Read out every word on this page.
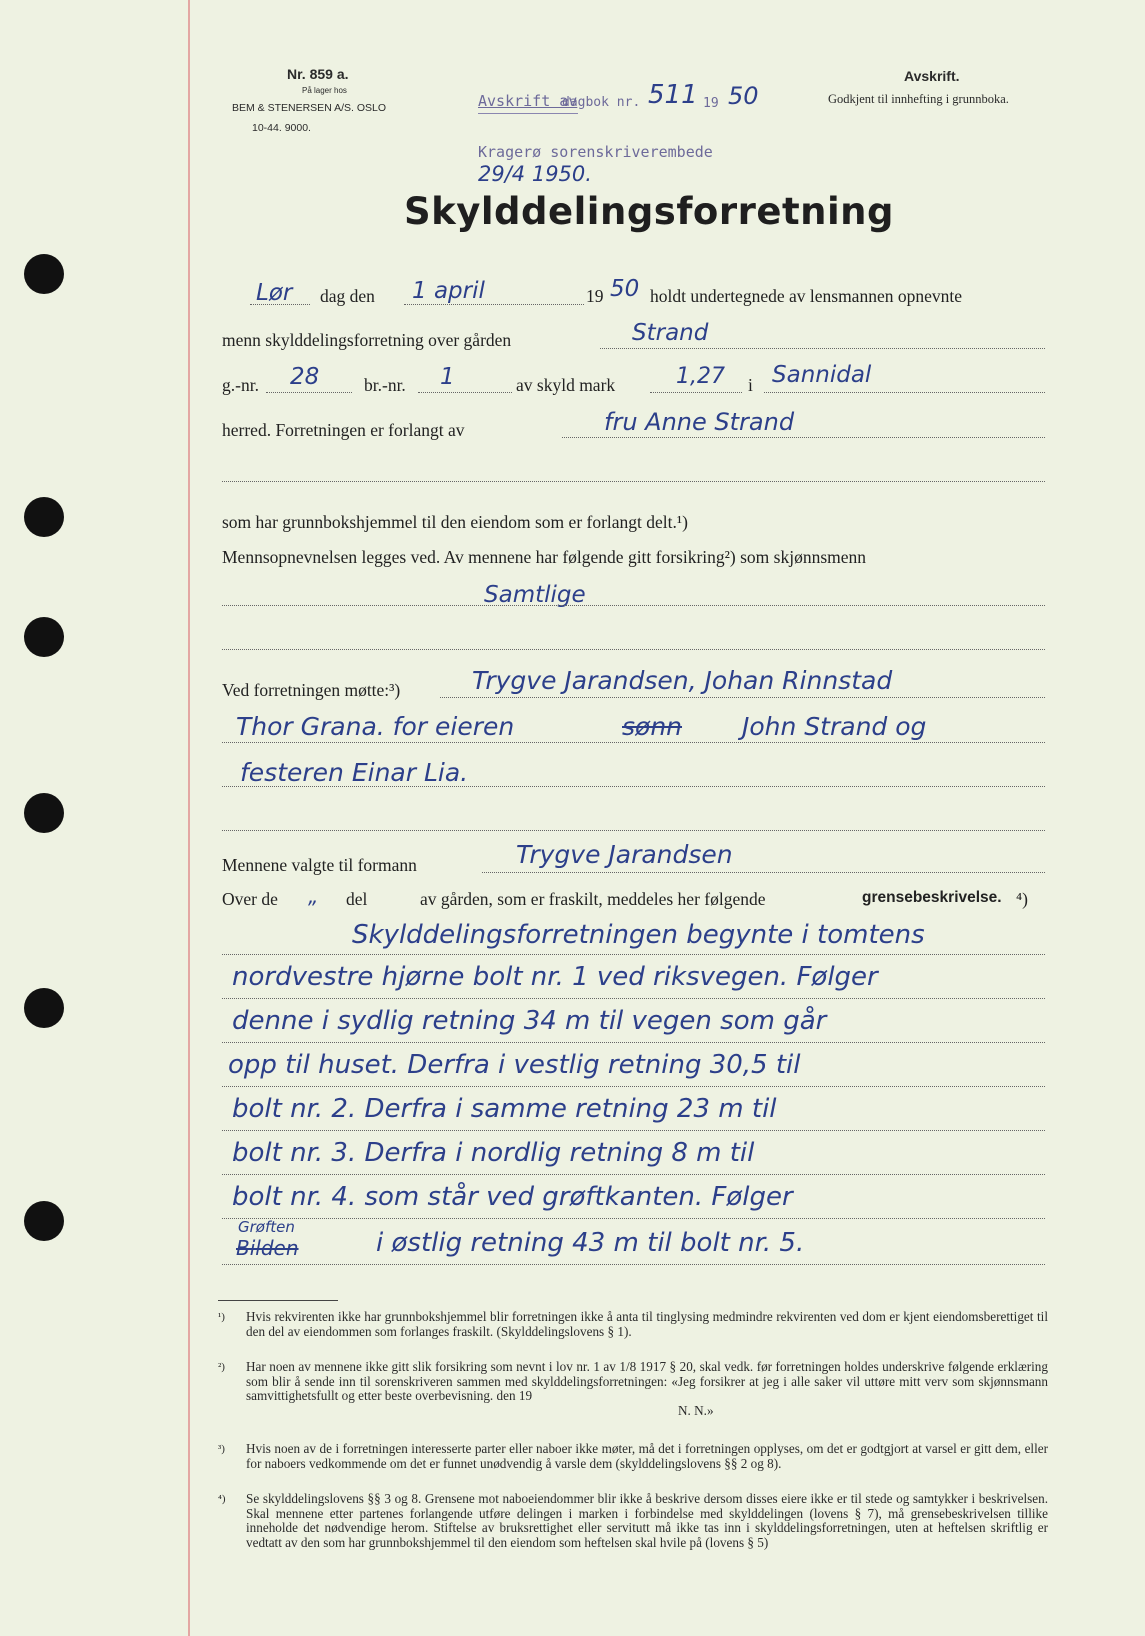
Nr. 859 a.
På lager hos
BEM & STENERSEN A/S. OSLO
10-44. 9000.
Avskrift av
dagbok nr. 511 19 50
Kragerø sorenskriverembede
29/4 1950.
Avskrift.
Godkjent til innhefting i grunnboka.
Skylddelingsforretning
Lør dag den 1 april	19 50 holdt undertegnede av lensmannen opnevnte
menn skylddelingsforretning over gården	Strand
g.-nr. 28	br.-nr. 1	av skyld mark	1,27 i Sannidal
herred. Forretningen er forlangt av	fru Anne Strand
som har grunnbokshjemmel til den eiendom som er forlangt delt.¹)
Mennsopnevnelsen legges ved. Av mennene har følgende gitt forsikring²) som skjønnsmenn
Samtlige
Ved forretningen møtte:³)	Trygve Jarandsen, Johan Rinnstad
Thor Grana. for eieren	sønn John Strand og
festeren Einar Lia.
Mennene valgte til formann	Trygve Jarandsen
Over de „ del	av gården, som er fraskilt, meddeles her følgende	grensebeskrivelse. ⁴)
Skylddelingsforretningen begynte i tomtens
nordvestre hjørne bolt nr. 1 ved riksvegen. Følger
denne i sydlig retning 34 m til vegen som går
opp til huset. Derfra i vestlig retning 30,5 til
bolt nr. 2. Derfra i samme retning 23 m til
bolt nr. 3. Derfra i nordlig retning 8 m til
bolt nr. 4. som står ved grøftkanten. Følger
Grøften
Bilden	i østlig retning 43 m til bolt nr. 5.
¹) Hvis rekvirenten ikke har grunnbokshjemmel blir forretningen ikke å anta til tinglysing medmindre rekvirenten ved dom er kjent eiendomsberettiget til den del av eiendommen som forlanges fraskilt. (Skylddelingslovens § 1).
²) Har noen av mennene ikke gitt slik forsikring som nevnt i lov nr. 1 av 1/8 1917 § 20, skal vedk. før forretningen holdes underskrive følgende erklæring som blir å sende inn til sorenskriveren sammen med skylddelingsforretningen: «Jeg forsikrer at jeg i alle saker vil uttøre mitt verv som skjønnsmann samvittighetsfullt og etter beste overbevisning. den 19
N. N.»
³) Hvis noen av de i forretningen interesserte parter eller naboer ikke møter, må det i forretningen opplyses, om det er godtgjort at varsel er gitt dem, eller for naboers vedkommende om det er funnet unødvendig å varsle dem (skylddelingslovens §§ 2 og 8).
⁴) Se skylddelingslovens §§ 3 og 8. Grensene mot naboeiendommer blir ikke å beskrive dersom disses eiere ikke er til stede og samtykker i beskrivelsen. Skal mennene etter partenes forlangende utføre delingen i marken i forbindelse med skylddelingen (lovens § 7), må grensebeskrivelsen tillike inneholde det nødvendige herom. Stiftelse av bruksrettighet eller servitutt må ikke tas inn i skylddelingsforretningen, uten at heftelsen skriftlig er vedtatt av den som har grunnbokshjemmel til den eiendom som heftelsen skal hvile på (lovens § 5)
